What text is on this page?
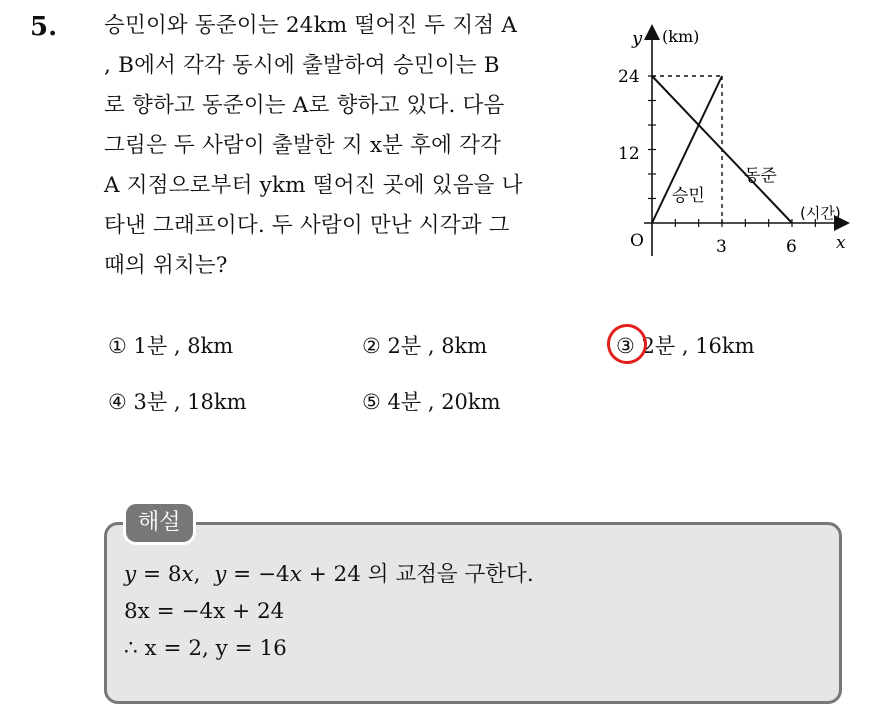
5. 승민이와 동준이는 24km 떨어진 두 지점 A
, B에서 각각 동시에 출발하여 승민이는 B
로 향하고 동준이는 A로 향하고 있다. 다음
그림은 두 사람이 출발한 지 x분 후에 각각
A 지점으로부터 ykm 떨어진 곳에 있음을 나
타낸 그래프이다. 두 사람이 만난 시각과 그
때의 위치는?
y (km)
24
12
O	3	6 x
(시간)
승민
동준
① 1분 , 8km	② 2분 , 8km	③ 2분 , 16km
④ 3분 , 18km	⑤ 4분 , 20km
해설
y = 8x,  y = −4x + 24 의 교점을 구한다.
8x = −4x + 24
∴ x = 2, y = 16
